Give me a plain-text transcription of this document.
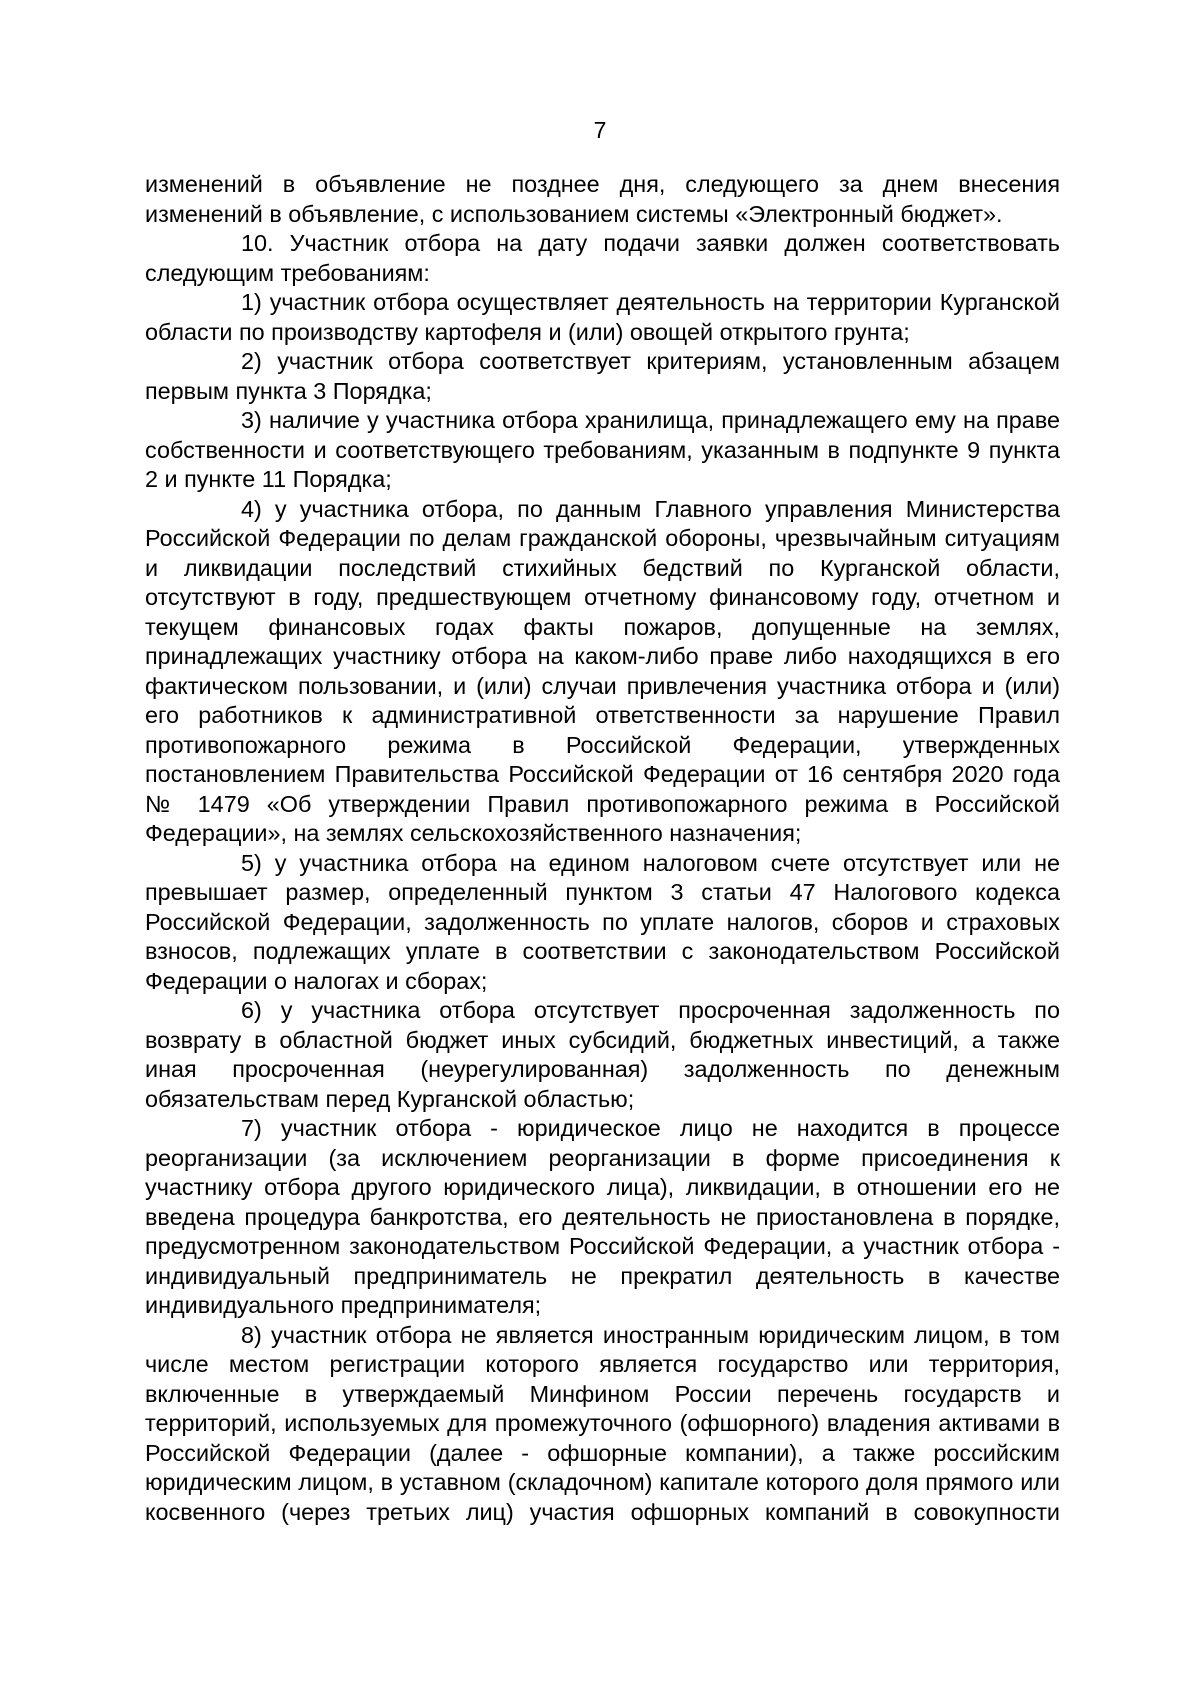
7

изменений в объявление не позднее дня, следующего за днем внесения изменений в объявление, с использованием системы «Электронный бюджет».

10. Участник отбора на дату подачи заявки должен соответствовать следующим требованиям:

1) участник отбора осуществляет деятельность на территории Курганской области по производству картофеля и (или) овощей открытого грунта;

2) участник отбора соответствует критериям, установленным абзацем первым пункта 3 Порядка;

3) наличие у участника отбора хранилища, принадлежащего ему на праве собственности и соответствующего требованиям, указанным в подпункте 9 пункта 2 и пункте 11 Порядка;

4) у участника отбора, по данным Главного управления Министерства Российской Федерации по делам гражданской обороны, чрезвычайным ситуациям и ликвидации последствий стихийных бедствий по Курганской области, отсутствуют в году, предшествующем отчетному финансовому году, отчетном и текущем финансовых годах факты пожаров, допущенные на землях, принадлежащих участнику отбора на каком-либо праве либо находящихся в его фактическом пользовании, и (или) случаи привлечения участника отбора и (или) его работников к административной ответственности за нарушение Правил противопожарного режима в Российской Федерации, утвержденных постановлением Правительства Российской Федерации от 16 сентября 2020 года № 1479 «Об утверждении Правил противопожарного режима в Российской Федерации», на землях сельскохозяйственного назначения;

5) у участника отбора на едином налоговом счете отсутствует или не превышает размер, определенный пунктом 3 статьи 47 Налогового кодекса Российской Федерации, задолженность по уплате налогов, сборов и страховых взносов, подлежащих уплате в соответствии с законодательством Российской Федерации о налогах и сборах;

6) у участника отбора отсутствует просроченная задолженность по возврату в областной бюджет иных субсидий, бюджетных инвестиций, а также иная просроченная (неурегулированная) задолженность по денежным обязательствам перед Курганской областью;

7) участник отбора - юридическое лицо не находится в процессе реорганизации (за исключением реорганизации в форме присоединения к участнику отбора другого юридического лица), ликвидации, в отношении его не введена процедура банкротства, его деятельность не приостановлена в порядке, предусмотренном законодательством Российской Федерации, а участник отбора - индивидуальный предприниматель не прекратил деятельность в качестве индивидуального предпринимателя;

8) участник отбора не является иностранным юридическим лицом, в том числе местом регистрации которого является государство или территория, включенные в утверждаемый Минфином России перечень государств и территорий, используемых для промежуточного (офшорного) владения активами в Российской Федерации (далее - офшорные компании), а также российским юридическим лицом, в уставном (складочном) капитале которого доля прямого или косвенного (через третьих лиц) участия офшорных компаний в совокупности
